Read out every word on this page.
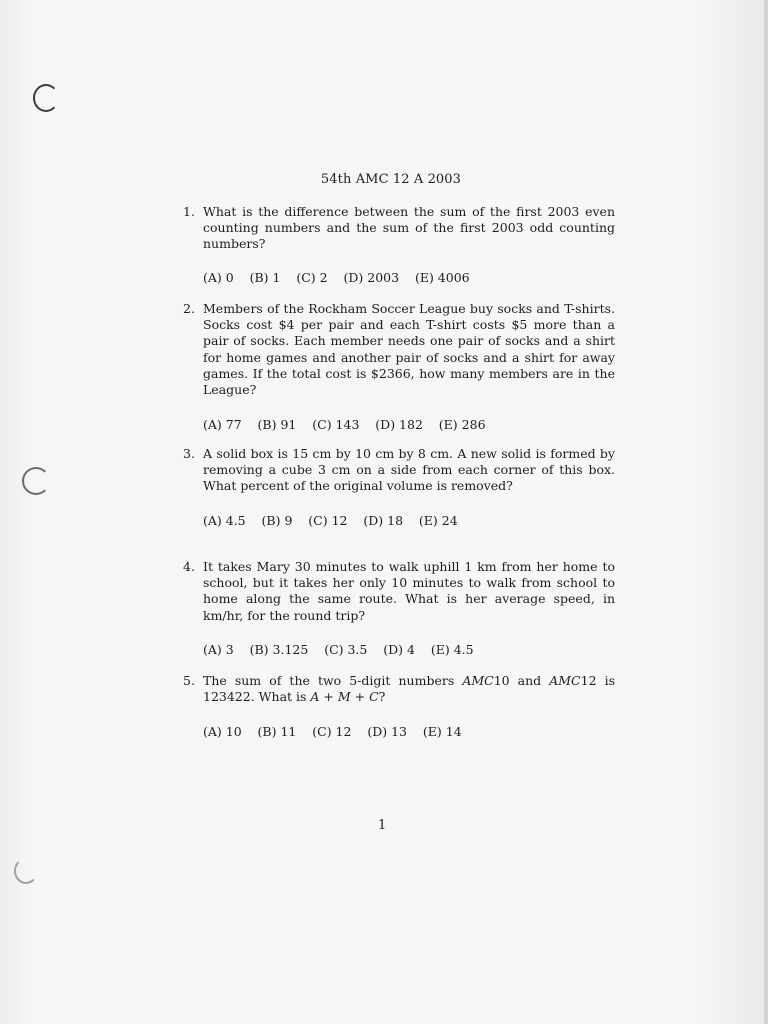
54th AMC 12 A 2003
1. What is the difference between the sum of the first 2003 even counting numbers and the sum of the first 2003 odd counting numbers?
(A) 0    (B) 1    (C) 2    (D) 2003    (E) 4006
2. Members of the Rockham Soccer League buy socks and T-shirts. Socks cost $4 per pair and each T-shirt costs $5 more than a pair of socks. Each member needs one pair of socks and a shirt for home games and another pair of socks and a shirt for away games. If the total cost is $2366, how many members are in the League?
(A) 77    (B) 91    (C) 143    (D) 182    (E) 286
3. A solid box is 15 cm by 10 cm by 8 cm. A new solid is formed by removing a cube 3 cm on a side from each corner of this box. What percent of the original volume is removed?
(A) 4.5    (B) 9    (C) 12    (D) 18    (E) 24
4. It takes Mary 30 minutes to walk uphill 1 km from her home to school, but it takes her only 10 minutes to walk from school to home along the same route. What is her average speed, in km/hr, for the round trip?
(A) 3    (B) 3.125    (C) 3.5    (D) 4    (E) 4.5
5. The sum of the two 5-digit numbers AMC10 and AMC12 is 123422. What is A + M + C?
(A) 10    (B) 11    (C) 12    (D) 13    (E) 14
1
